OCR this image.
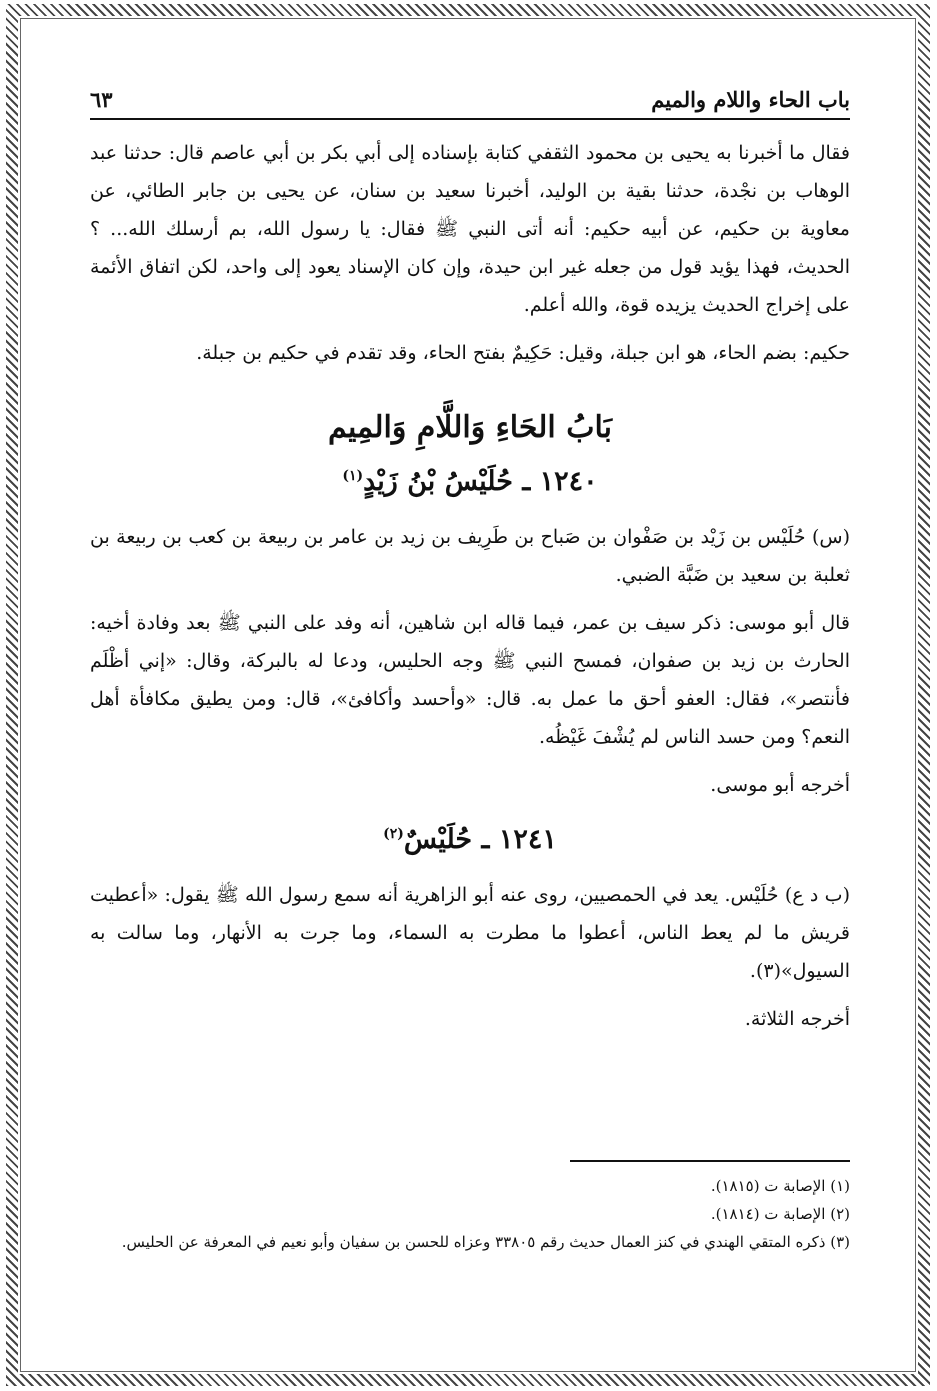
باب الحاء واللام والميم
٦٣

فقال ما أخبرنا به يحيى بن محمود الثقفي كتابة بإسناده إلى أبي بكر بن أبي عاصم قال: حدثنا عبد الوهاب بن نجْدة، حدثنا بقية بن الوليد، أخبرنا سعيد بن سنان، عن يحيى بن جابر الطائي، عن معاوية بن حكيم، عن أبيه حكيم: أنه أتى النبي ﷺ فقال: يا رسول الله، بم أرسلك الله... ؟ الحديث، فهذا يؤيد قول من جعله غير ابن حيدة، وإن كان الإسناد يعود إلى واحد، لكن اتفاق الأئمة على إخراج الحديث يزيده قوة، والله أعلم.

حكيم: بضم الحاء، هو ابن جبلة، وقيل: حَكِيمٌ بفتح الحاء، وقد تقدم في حكيم بن جبلة.

بَابُ الحَاءِ وَاللَّامِ وَالمِيم
١٢٤٠ ـ حُلَيْسُ بْنُ زَيْدٍ$^{(١)}$

(س) حُلَيْس بن زَيْد بن صَفْوان بن صَباح بن طَرِيف بن زيد بن عامر بن ربيعة بن كعب بن ربيعة بن ثعلبة بن سعيد بن ضَبَّة الضبي.

قال أبو موسى: ذكر سيف بن عمر، فيما قاله ابن شاهين، أنه وفد على النبي ﷺ بعد وفادة أخيه: الحارث بن زيد بن صفوان، فمسح النبي ﷺ وجه الحليس، ودعا له بالبركة، وقال: «إني أظْلَم فأنتصر»، فقال: العفو أحق ما عمل به. قال: «وأحسد وأكافئ»، قال: ومن يطيق مكافأة أهل النعم؟ ومن حسد الناس لم يُشْفَ غَيْظُه.

أخرجه أبو موسى.

١٢٤١ ـ حُلَيْسٌ$^{(٢)}$

(ب د ع) حُلَيْس. يعد في الحمصيين، روى عنه أبو الزاهرية أنه سمع رسول الله ﷺ يقول: «أعطيت قريش ما لم يعط الناس، أعطوا ما مطرت به السماء، وما جرت به الأنهار، وما سالت به السيول»(٣).

أخرجه الثلاثة.

(١) الإصابة ت (١٨١٥).

(٢) الإصابة ت (١٨١٤).

(٣) ذكره المتقي الهندي في كنز العمال حديث رقم ٣٣٨٠٥ وعزاه للحسن بن سفيان وأبو نعيم في المعرفة عن الحليس.
